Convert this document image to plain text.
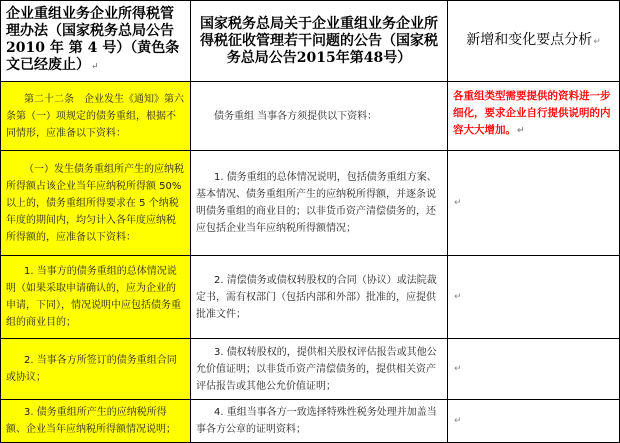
企业重组业务企业所得税管理办法（国家税务总局公告 2010 年 第 4 号）（黄色条文已经废止）↵	国家税务总局关于企业重组业务企业所得税征收管理若干问题的公告（国家税务总局公告2015年第48号）	新增和变化要点分析↵

第二十二条　企业发生《通知》第六条第（一）项规定的债务重组，根据不同情形，应准备以下资料：	债务重组 当事各方须提供以下资料：	各重组类型需要提供的资料进一步细化，要求企业自行提供说明的内容大大增加。↵

（一）发生债务重组所产生的应纳税所得额占该企业当年应纳税所得额 50%以上的，债务重组所得要求在 5 个纳税年度的期间内，均匀计入各年度应纳税所得额的，应准备以下资料：	1. 债务重组的总体情况说明，包括债务重组方案、基本情况、债务重组所产生的应纳税所得额，并逐条说明债务重组的商业目的；以非货币资产清偿债务的，还应包括企业当年应纳税所得额情况；	↵

1. 当事方的债务重组的总体情况说明（如果采取申请确认的，应为企业的申请，下同），情况说明中应包括债务重组的商业目的；	2. 清偿债务或债权转股权的合同（协议）或法院裁定书，需有权部门（包括内部和外部）批准的，应提供批准文件；	↵

2. 当事各方所签订的债务重组合同或协议；	3. 债权转股权的，提供相关股权评估报告或其他公允价值证明；以非货币资产清偿债务的，提供相关资产评估报告或其他公允价值证明；	↵

3. 债务重组所产生的应纳税所得额、企业当年应纳税所得额情况说明；	4. 重组当事各方一致选择特殊性税务处理并加盖当事各方公章的证明资料；	↵
